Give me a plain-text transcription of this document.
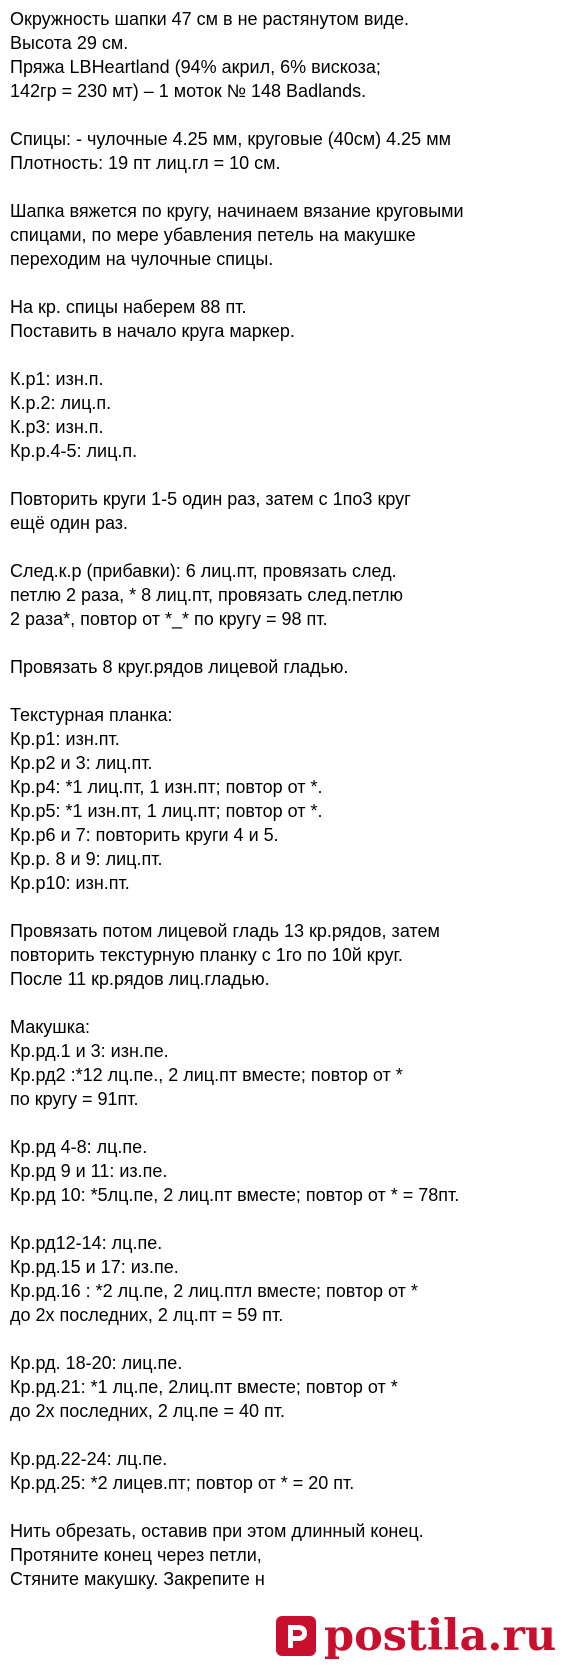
Окружность шапки 47 см в не растянутом виде.
Высота 29 см.
Пряжа LBHeartland (94% акрил, 6% вискоза;
142гр = 230 мт) – 1 моток № 148 Badlands.
Спицы: - чулочные 4.25 мм, круговые (40см) 4.25 мм
Плотность: 19 пт лиц.гл = 10 см.
Шапка вяжется по кругу, начинаем вязание круговыми
спицами, по мере убавления петель на макушке
переходим на чулочные спицы.
На кр. спицы наберем 88 пт.
Поставить в начало круга маркер.
К.р1: изн.п.
К.р.2: лиц.п.
К.р3: изн.п.
Кр.р.4-5: лиц.п.
Повторить круги 1-5 один раз, затем с 1по3 круг
ещё один раз.
След.к.р (прибавки): 6 лиц.пт, провязать след.
петлю 2 раза, * 8 лиц.пт, провязать след.петлю
2 раза*, повтор от *_* по кругу = 98 пт.
Провязать 8 круг.рядов лицевой гладью.
Текстурная планка:
Кр.р1: изн.пт.
Кр.р2 и 3: лиц.пт.
Кр.р4: *1 лиц.пт, 1 изн.пт; повтор от *.
Кр.р5: *1 изн.пт, 1 лиц.пт; повтор от *.
Кр.р6 и 7: повторить круги 4 и 5.
Кр.р. 8 и 9: лиц.пт.
Кр.р10: изн.пт.
Провязать потом лицевой гладь 13 кр.рядов, затем
повторить текстурную планку с 1го по 10й круг.
После 11 кр.рядов лиц.гладью.
Макушка:
Кр.рд.1 и 3: изн.пе.
Кр.рд2 :*12 лц.пе., 2 лиц.пт вместе; повтор от *
по кругу = 91пт.
Кр.рд 4-8: лц.пе.
Кр.рд 9 и 11: из.пе.
Кр.рд 10: *5лц.пе, 2 лиц.пт вместе; повтор от * = 78пт.
Кр.рд12-14: лц.пе.
Кр.рд.15 и 17: из.пе.
Кр.рд.16 : *2 лц.пе, 2 лиц.птл вместе; повтор от *
до 2х последних, 2 лц.пт = 59 пт.
Кр.рд. 18-20: лиц.пе.
Кр.рд.21: *1 лц.пе, 2лиц.пт вместе; повтор от *
до 2х последних, 2 лц.пе = 40 пт.
Кр.рд.22-24: лц.пе.
Кр.рд.25: *2 лицев.пт; повтор от * = 20 пт.
Нить обрезать, оставив при этом длинный конец.
Протяните конец через петли,
Стяните макушку. Закрепите н
postila.ru
